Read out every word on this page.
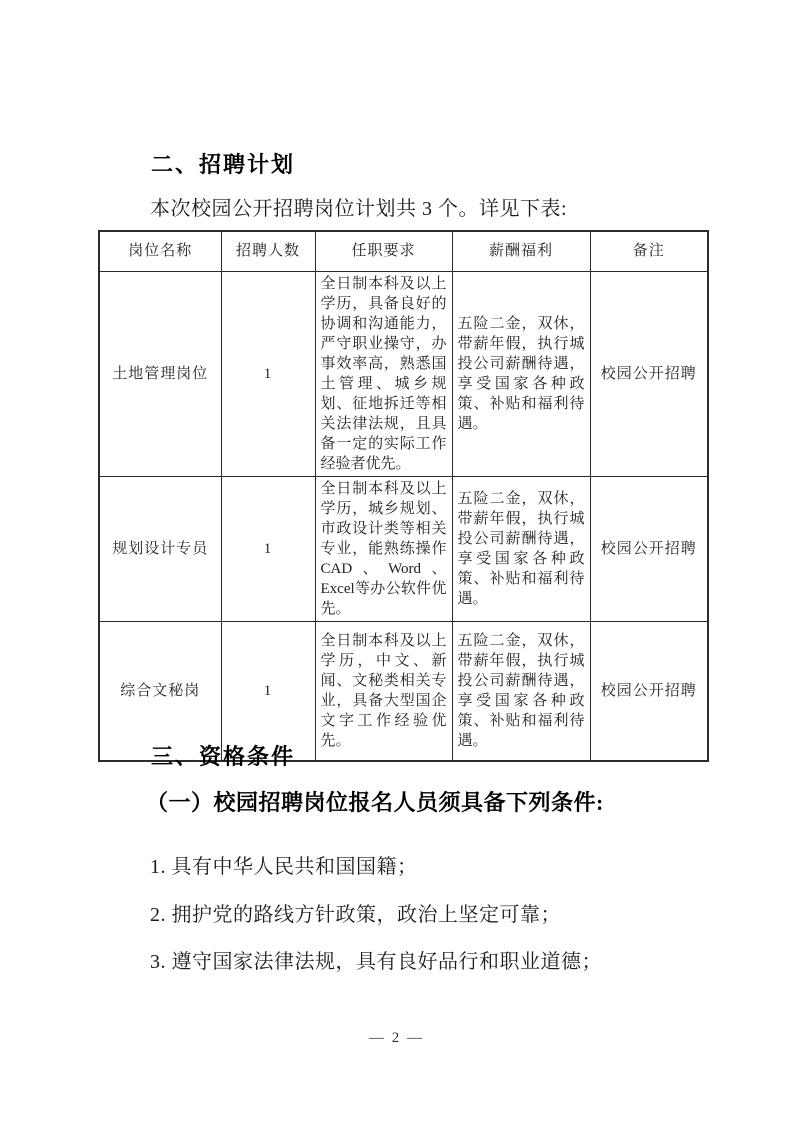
二、招聘计划

本次校园公开招聘岗位计划共 3 个。详见下表:

岗位名称	招聘人数	任职要求	薪酬福利	备注
土地管理岗位	1	全日制本科及以上学历，具备良好的协调和沟通能力，严守职业操守，办事效率高，熟悉国土管理、城乡规划、征地拆迁等相关法律法规，且具备一定的实际工作经验者优先。	五险二金，双休，带薪年假，执行城投公司薪酬待遇，享受国家各种政策、补贴和福利待遇。	校园公开招聘
规划设计专员	1	全日制本科及以上学历，城乡规划、市政设计类等相关专业，能熟练操作CAD、Word、Excel等办公软件优先。	五险二金，双休，带薪年假，执行城投公司薪酬待遇，享受国家各种政策、补贴和福利待遇。	校园公开招聘
综合文秘岗	1	全日制本科及以上学历，中文、新闻、文秘类相关专业，具备大型国企文字工作经验优先。	五险二金，双休，带薪年假，执行城投公司薪酬待遇，享受国家各种政策、补贴和福利待遇。	校园公开招聘
三、资格条件
（一）校园招聘岗位报名人员须具备下列条件:

1. 具有中华人民共和国国籍；

2. 拥护党的路线方针政策，政治上坚定可靠；

3. 遵守国家法律法规，具有良好品行和职业道德；

— 2 —
